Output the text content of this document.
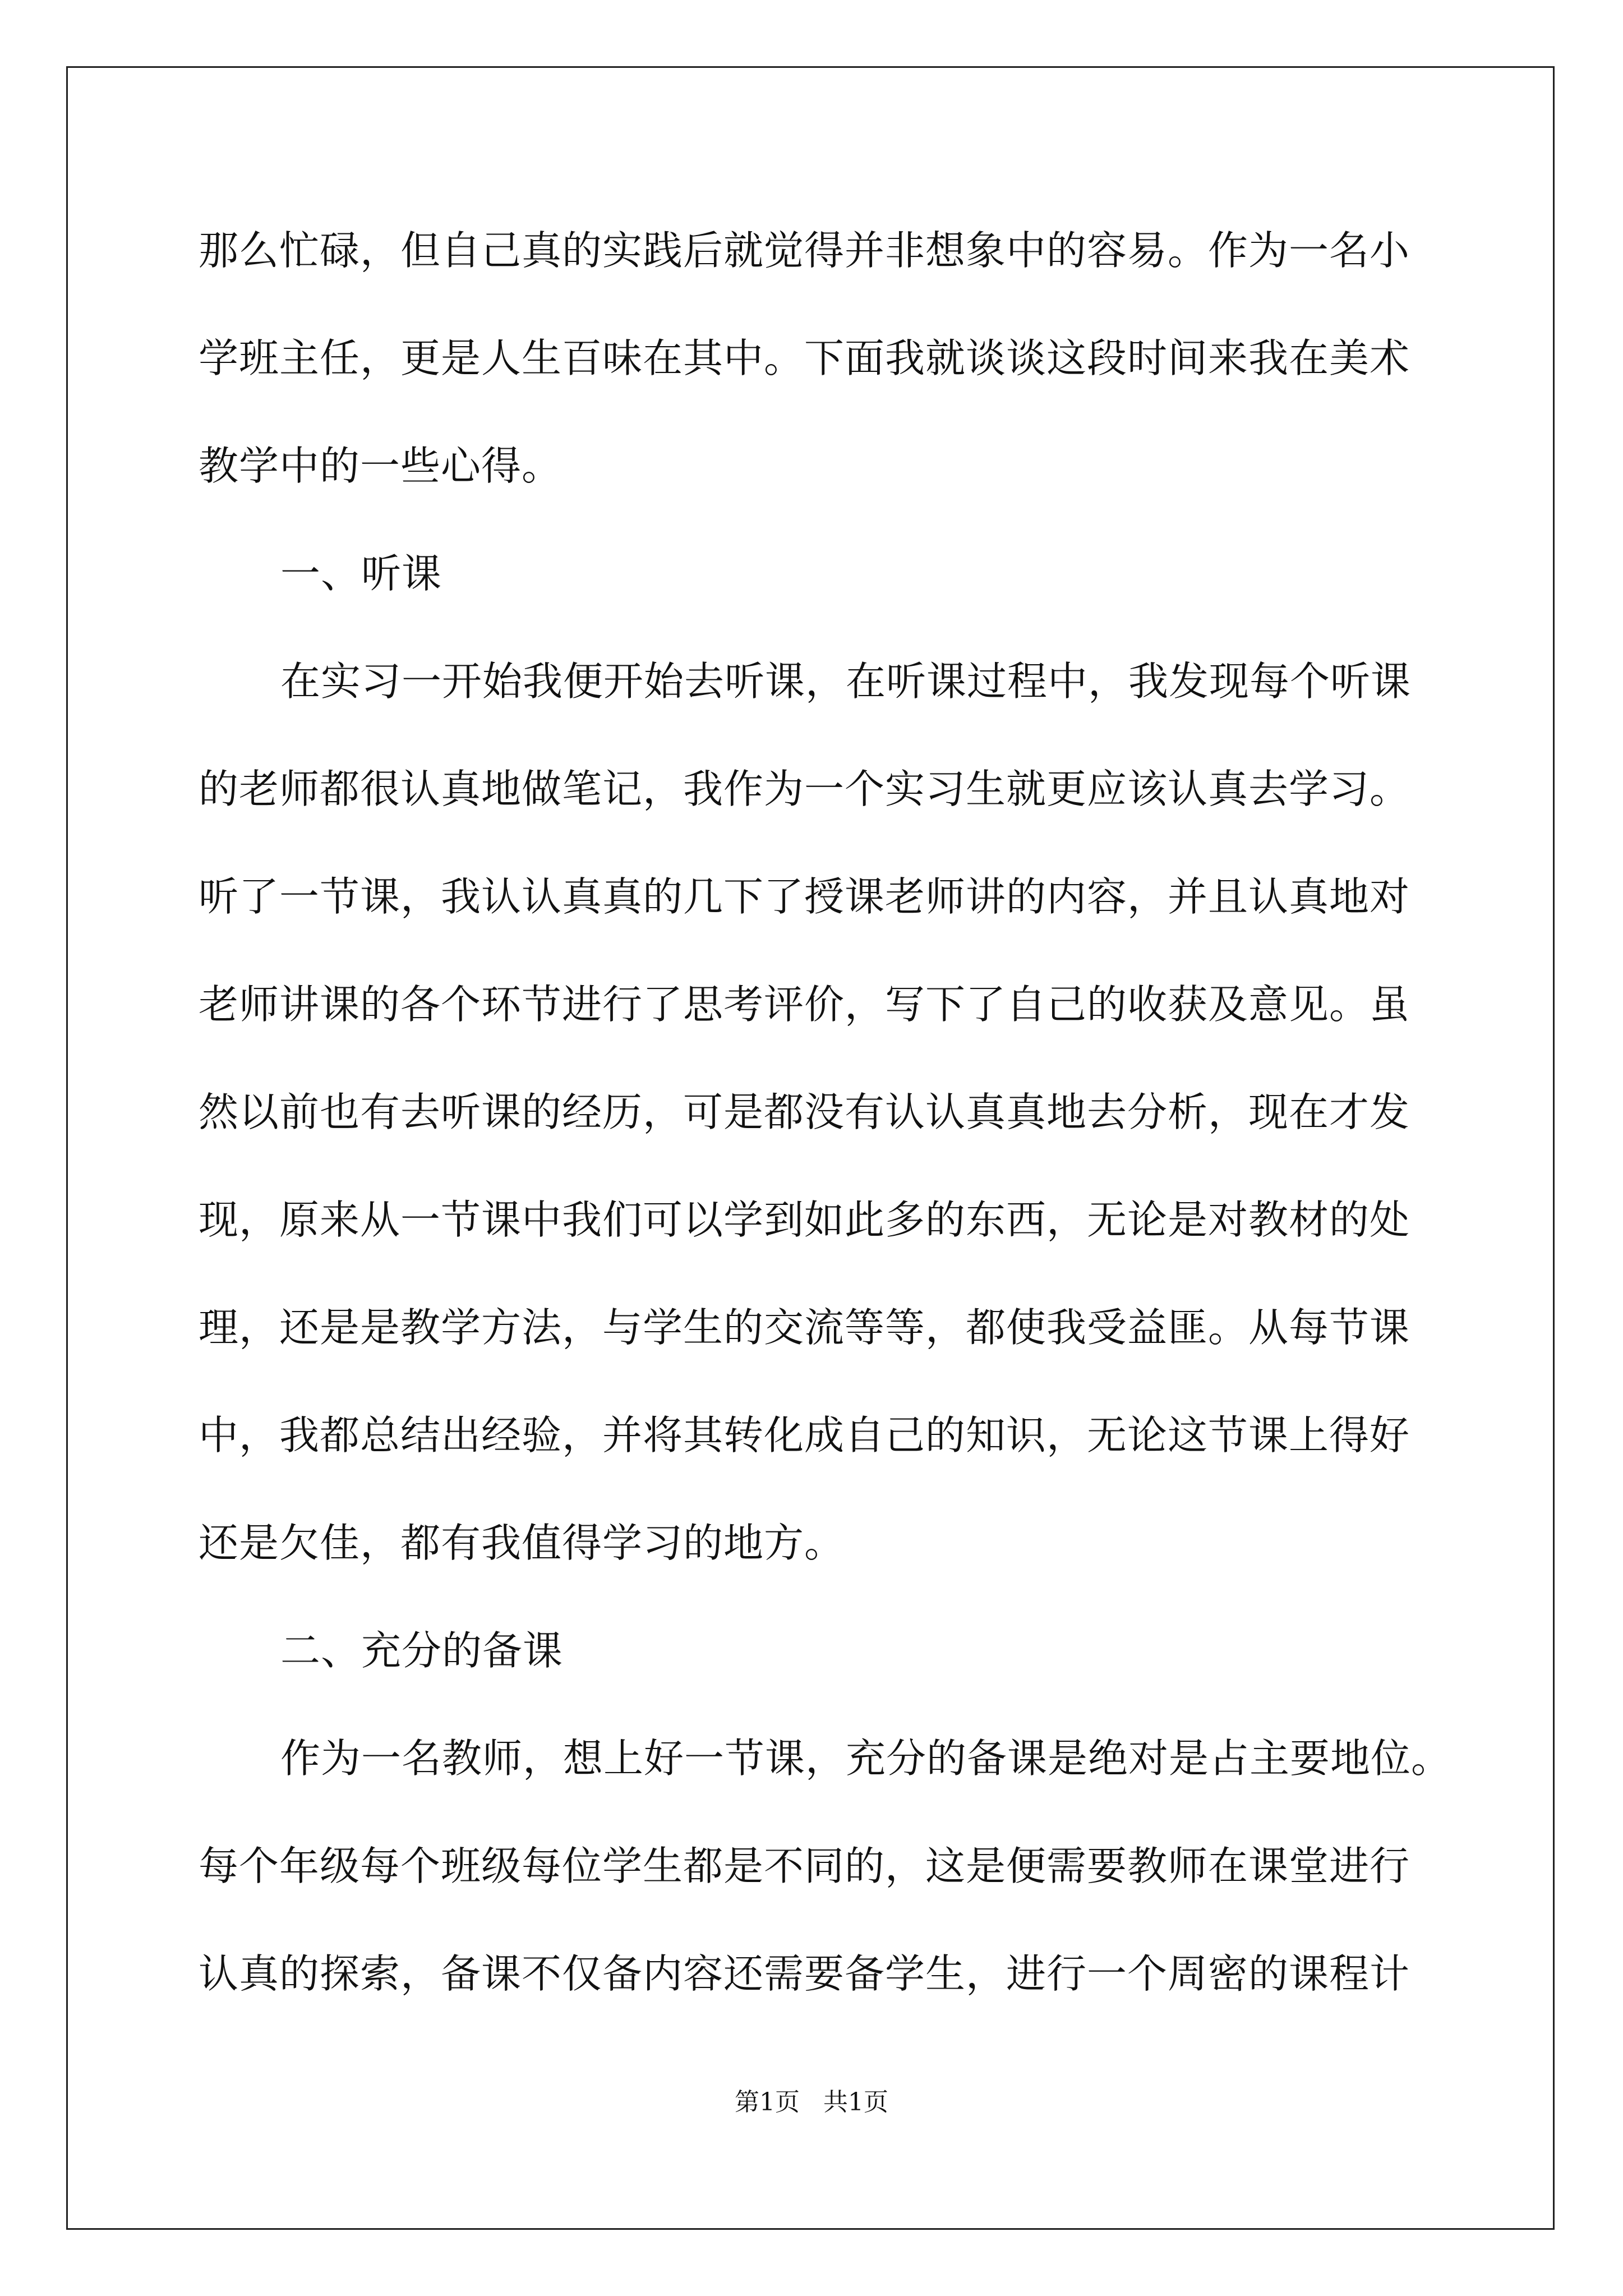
那么忙碌，但自己真的实践后就觉得并非想象中的容易。作为一名小
学班主任，更是人生百味在其中。下面我就谈谈这段时间来我在美术
教学中的一些心得。
一、听课
在实习一开始我便开始去听课，在听课过程中，我发现每个听课
的老师都很认真地做笔记，我作为一个实习生就更应该认真去学习。
听了一节课，我认认真真的几下了授课老师讲的内容，并且认真地对
老师讲课的各个环节进行了思考评价，写下了自己的收获及意见。虽
然以前也有去听课的经历，可是都没有认认真真地去分析，现在才发
现，原来从一节课中我们可以学到如此多的东西，无论是对教材的处
理，还是是教学方法，与学生的交流等等，都使我受益匪。从每节课
中，我都总结出经验，并将其转化成自己的知识，无论这节课上得好
还是欠佳，都有我值得学习的地方。
二、充分的备课
作为一名教师，想上好一节课，充分的备课是绝对是占主要地位。
每个年级每个班级每位学生都是不同的，这是便需要教师在课堂进行
认真的探索，备课不仅备内容还需要备学生，进行一个周密的课程计
第1页   共1页
